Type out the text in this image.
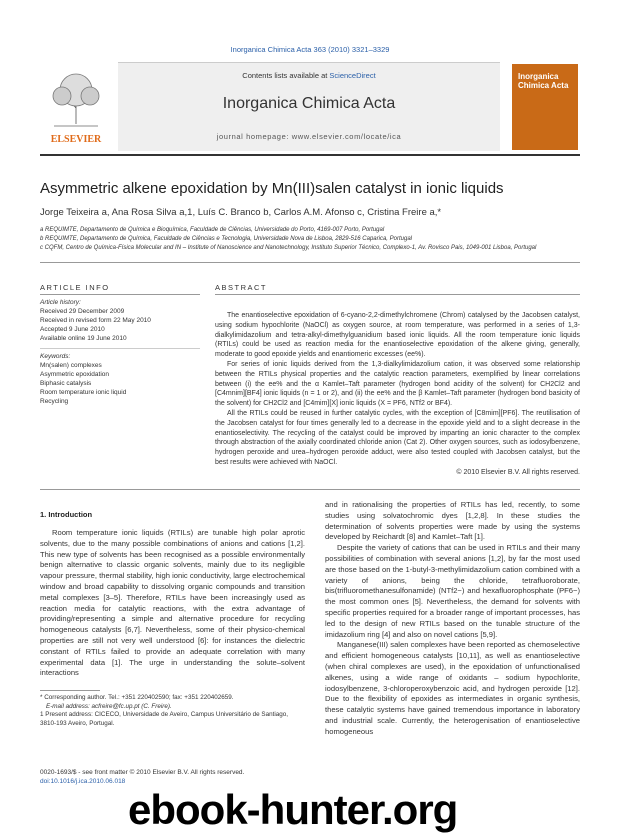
Inorganica Chimica Acta 363 (2010) 3321–3329
ELSEVIER
Contents lists available at ScienceDirect
Inorganica Chimica Acta
journal homepage: www.elsevier.com/locate/ica
Inorganica Chimica Acta
Asymmetric alkene epoxidation by Mn(III)salen catalyst in ionic liquids
Jorge Teixeira a, Ana Rosa Silva a,1, Luís C. Branco b, Carlos A.M. Afonso c, Cristina Freire a,*
a REQUIMTE, Departamento de Química e Bioquímica, Faculdade de Ciências, Universidade do Porto, 4169-007 Porto, Portugal
b REQUIMTE, Departamento de Química, Faculdade de Ciências e Tecnologia, Universidade Nova de Lisboa, 2829-516 Caparica, Portugal
c CQFM, Centro de Química-Física Molecular and IN – Institute of Nanoscience and Nanotechnology, Instituto Superior Técnico, Complexo-1, Av. Rovisco Pais, 1049-001 Lisboa, Portugal
ARTICLE INFO
Article history:
Received 29 December 2009
Received in revised form 22 May 2010
Accepted 9 June 2010
Available online 19 June 2010
Keywords:
Mn(salen) complexes
Asymmetric epoxidation
Biphasic catalysis
Room temperature ionic liquid
Recycling
ABSTRACT

The enantioselective epoxidation of 6-cyano-2,2-dimethylchromene (Chrom) catalysed by the Jacobsen catalyst, using sodium hypochlorite (NaOCl) as oxygen source, at room temperature, was performed in a series of 1,3-dialkylimidazolium and tetra-alkyl-dimethylguanidium based ionic liquids. All the room temperature ionic liquids (RTILs) could be used as reaction media for the enantioselective epoxidation of the alkene giving, generally, moderate to good epoxide yields and enantiomeric excesses (ee%).

For series of ionic liquids derived from the 1,3-dialkylimidazolium cation, it was observed some relationship between the RTILs physical properties and the catalytic reaction parameters, exemplified by linear correlations between (i) the ee% and the α Kamlet–Taft parameter (hydrogen bond acidity of the solvent) for CH2Cl2 and [C4mnim][BF4] ionic liquids (n = 1 or 2), and (ii) the ee% and the β Kamlet–Taft parameter (hydrogen bond basicity of the solvent) for CH2Cl2 and [C4mim][X] ionic liquids (X = PF6, NTf2 or BF4).

All the RTILs could be reused in further catalytic cycles, with the exception of [C8mim][PF6]. The reutilisation of the Jacobsen catalyst for four times generally led to a decrease in the epoxide yield and to a slight decrease in the enantioselectivity. The recycling of the catalyst could be improved by imparting an ionic character to the complex through abstraction of the axially coordinated chloride anion (Cat 2). Other oxygen sources, such as iodosylbenzene, hydrogen peroxide and urea–hydrogen peroxide adduct, were also tested coupled with Jacobsen catalyst, but the best results were achieved with NaOCl.

© 2010 Elsevier B.V. All rights reserved.
1. Introduction

Room temperature ionic liquids (RTILs) are tunable high polar aprotic solvents, due to the many possible combinations of anions and cations [1,2]. This new type of solvents has been recognised as a possible environmentally benign alternative to classic organic solvents, mainly due to its negligible vapour pressure, thermal stability, high ionic conductivity, large electrochemical window and broad capability to dissolving organic compounds and transition metal complexes [3–5]. Therefore, RTILs have been increasingly used as reaction media for catalytic reactions, with the extra advantage of providing/representing a simple and alternative procedure for recycling homogeneous catalysts [6,7]. Nevertheless, some of their physico-chemical properties are still not very well understood [6]: for instances the dielectric constant of RTILs failed to provide an adequate correlation with many experimental data [1]. The urge in understanding the solute–solvent interactions

and in rationalising the properties of RTILs has led, recently, to some studies using solvatochromic dyes [1,2,8]. In these studies the determination of solvents properties were made by using the systems developed by Reichardt [8] and Kamlet–Taft [1].

Despite the variety of cations that can be used in RTILs and their many possibilities of combination with several anions [1,2], by far the most used are those based on the 1-butyl-3-methylimidazolium cation combined with a variety of anions, being the chloride, tetrafluoroborate, bis(trifluoromethanesulfonamide) (NTf2−) and hexafluorophosphate (PF6−) the most common ones [5]. Nevertheless, the demand for solvents with specific properties required for a broader range of important processes, has led to the design of new RTILs based on the tunable structure of the imidazolium ring [4] and also on novel cations [5,9].

Manganese(III) salen complexes have been reported as chemoselective and efficient homogeneous catalysts [10,11], as well as enantioselective (when chiral complexes are used), in the epoxidation of unfunctionalised alkenes, using a wide range of oxidants – sodium hypochlorite, iodosylbenzene, 3-chloroperoxybenzoic acid, and hydrogen peroxide [12]. Due to the flexibility of epoxides as intermediates in organic synthesis, these catalytic systems have gained tremendous importance in laboratory and industrial scale. Currently, the heterogenisation of enantioselective homogeneous

* Corresponding author. Tel.: +351 220402590; fax: +351 220402659.
E-mail address: acfreire@fc.up.pt (C. Freire).
1 Present address: CICECO, Universidade de Aveiro, Campus Universitário de Santiago, 3810-193 Aveiro, Portugal.
0020-1693/$ - see front matter © 2010 Elsevier B.V. All rights reserved.
doi:10.1016/j.ica.2010.06.018
ebook-hunter.org
